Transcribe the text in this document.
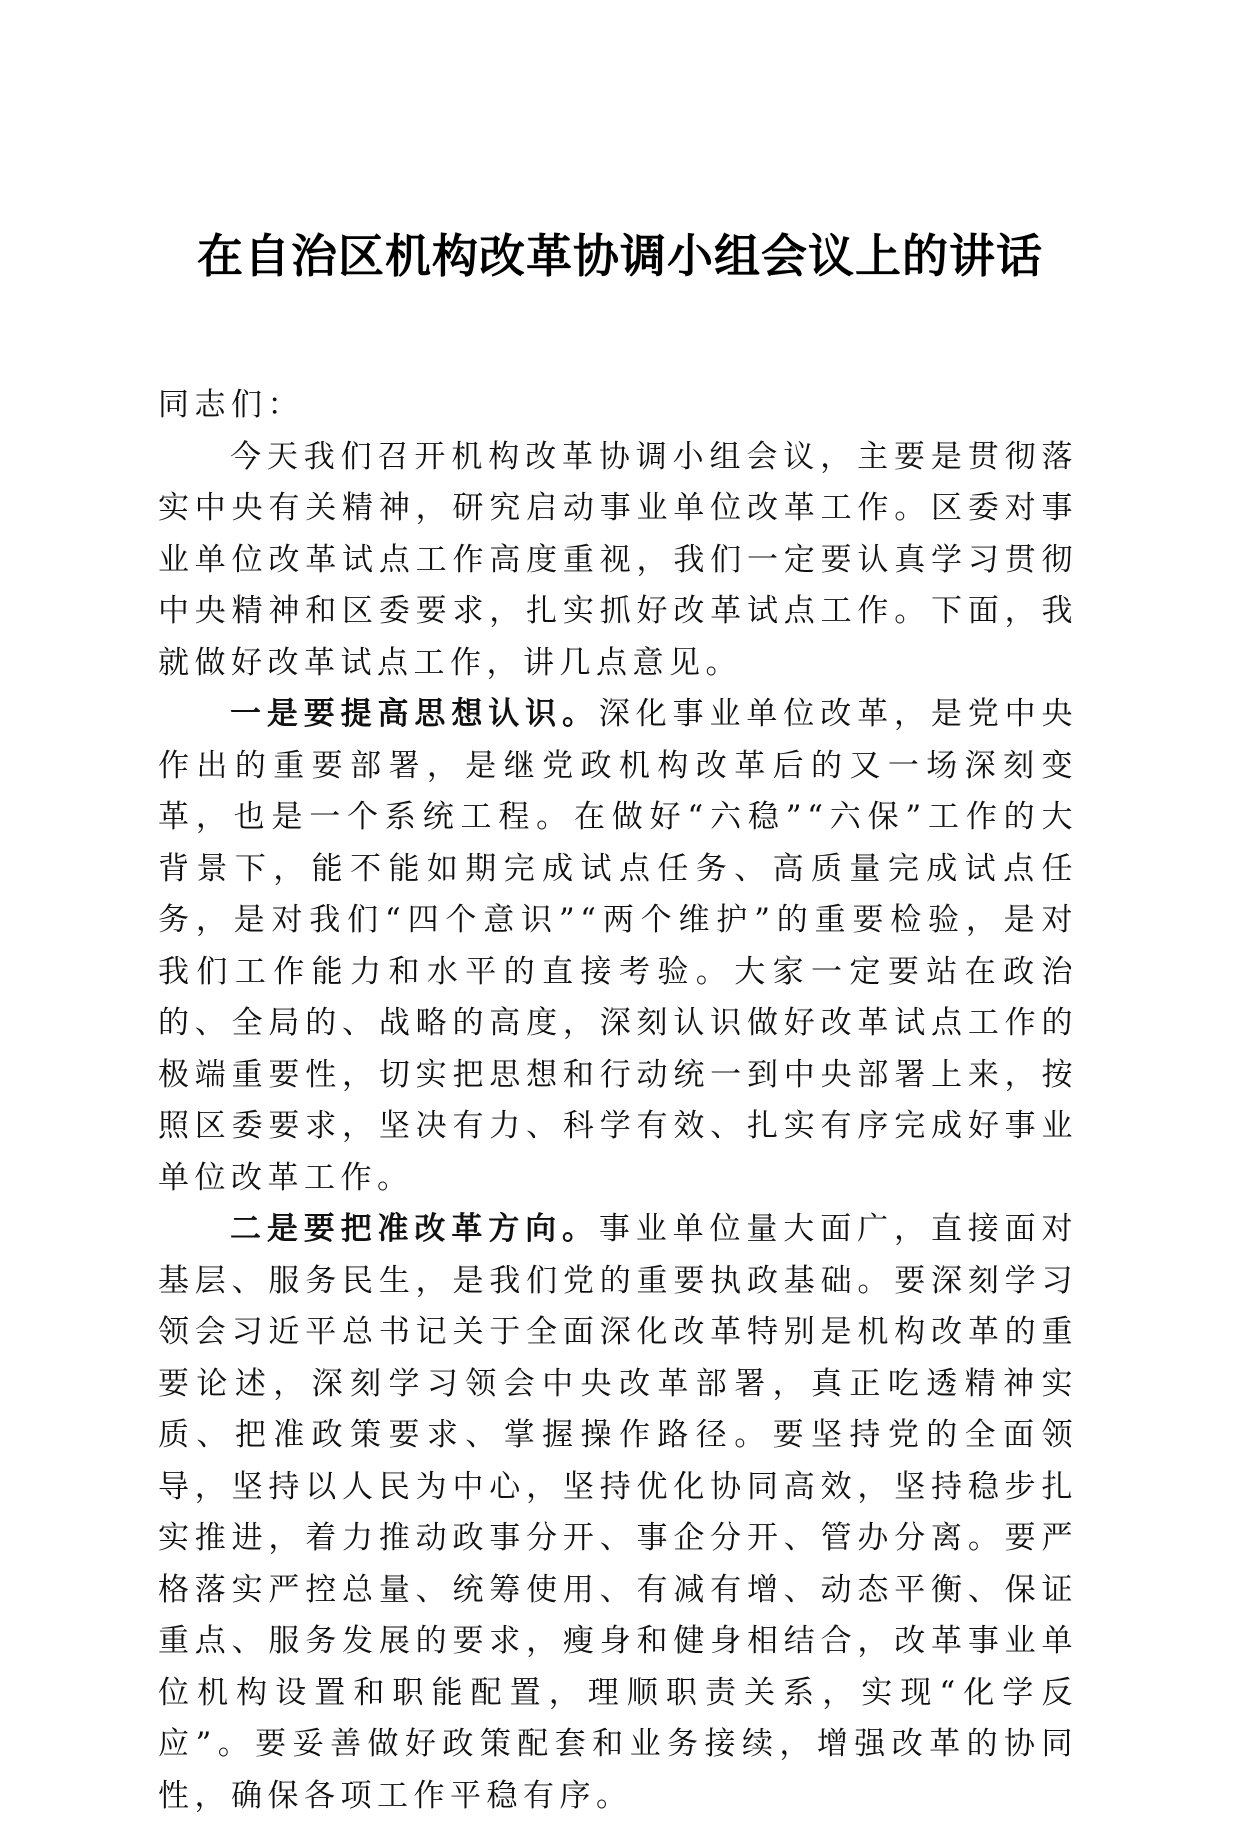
在自治区机构改革协调小组会议上的讲话

同志们：

今天我们召开机构改革协调小组会议，主要是贯彻落实中央有关精神，研究启动事业单位改革工作。区委对事业单位改革试点工作高度重视，我们一定要认真学习贯彻中央精神和区委要求，扎实抓好改革试点工作。下面，我就做好改革试点工作，讲几点意见。

一是要提高思想认识。深化事业单位改革，是党中央作出的重要部署，是继党政机构改革后的又一场深刻变革，也是一个系统工程。在做好“六稳”“六保”工作的大背景下，能不能如期完成试点任务、高质量完成试点任务，是对我们“四个意识”“两个维护”的重要检验，是对我们工作能力和水平的直接考验。大家一定要站在政治的、全局的、战略的高度，深刻认识做好改革试点工作的极端重要性，切实把思想和行动统一到中央部署上来，按照区委要求，坚决有力、科学有效、扎实有序完成好事业单位改革工作。

二是要把准改革方向。事业单位量大面广，直接面对基层、服务民生，是我们党的重要执政基础。要深刻学习领会习近平总书记关于全面深化改革特别是机构改革的重要论述，深刻学习领会中央改革部署，真正吃透精神实质、把准政策要求、掌握操作路径。要坚持党的全面领导，坚持以人民为中心，坚持优化协同高效，坚持稳步扎实推进，着力推动政事分开、事企分开、管办分离。要严格落实严控总量、统筹使用、有减有增、动态平衡、保证重点、服务发展的要求，瘦身和健身相结合，改革事业单位机构设置和职能配置，理顺职责关系，实现“化学反应”。要妥善做好政策配套和业务接续，增强改革的协同性，确保各项工作平稳有序。
